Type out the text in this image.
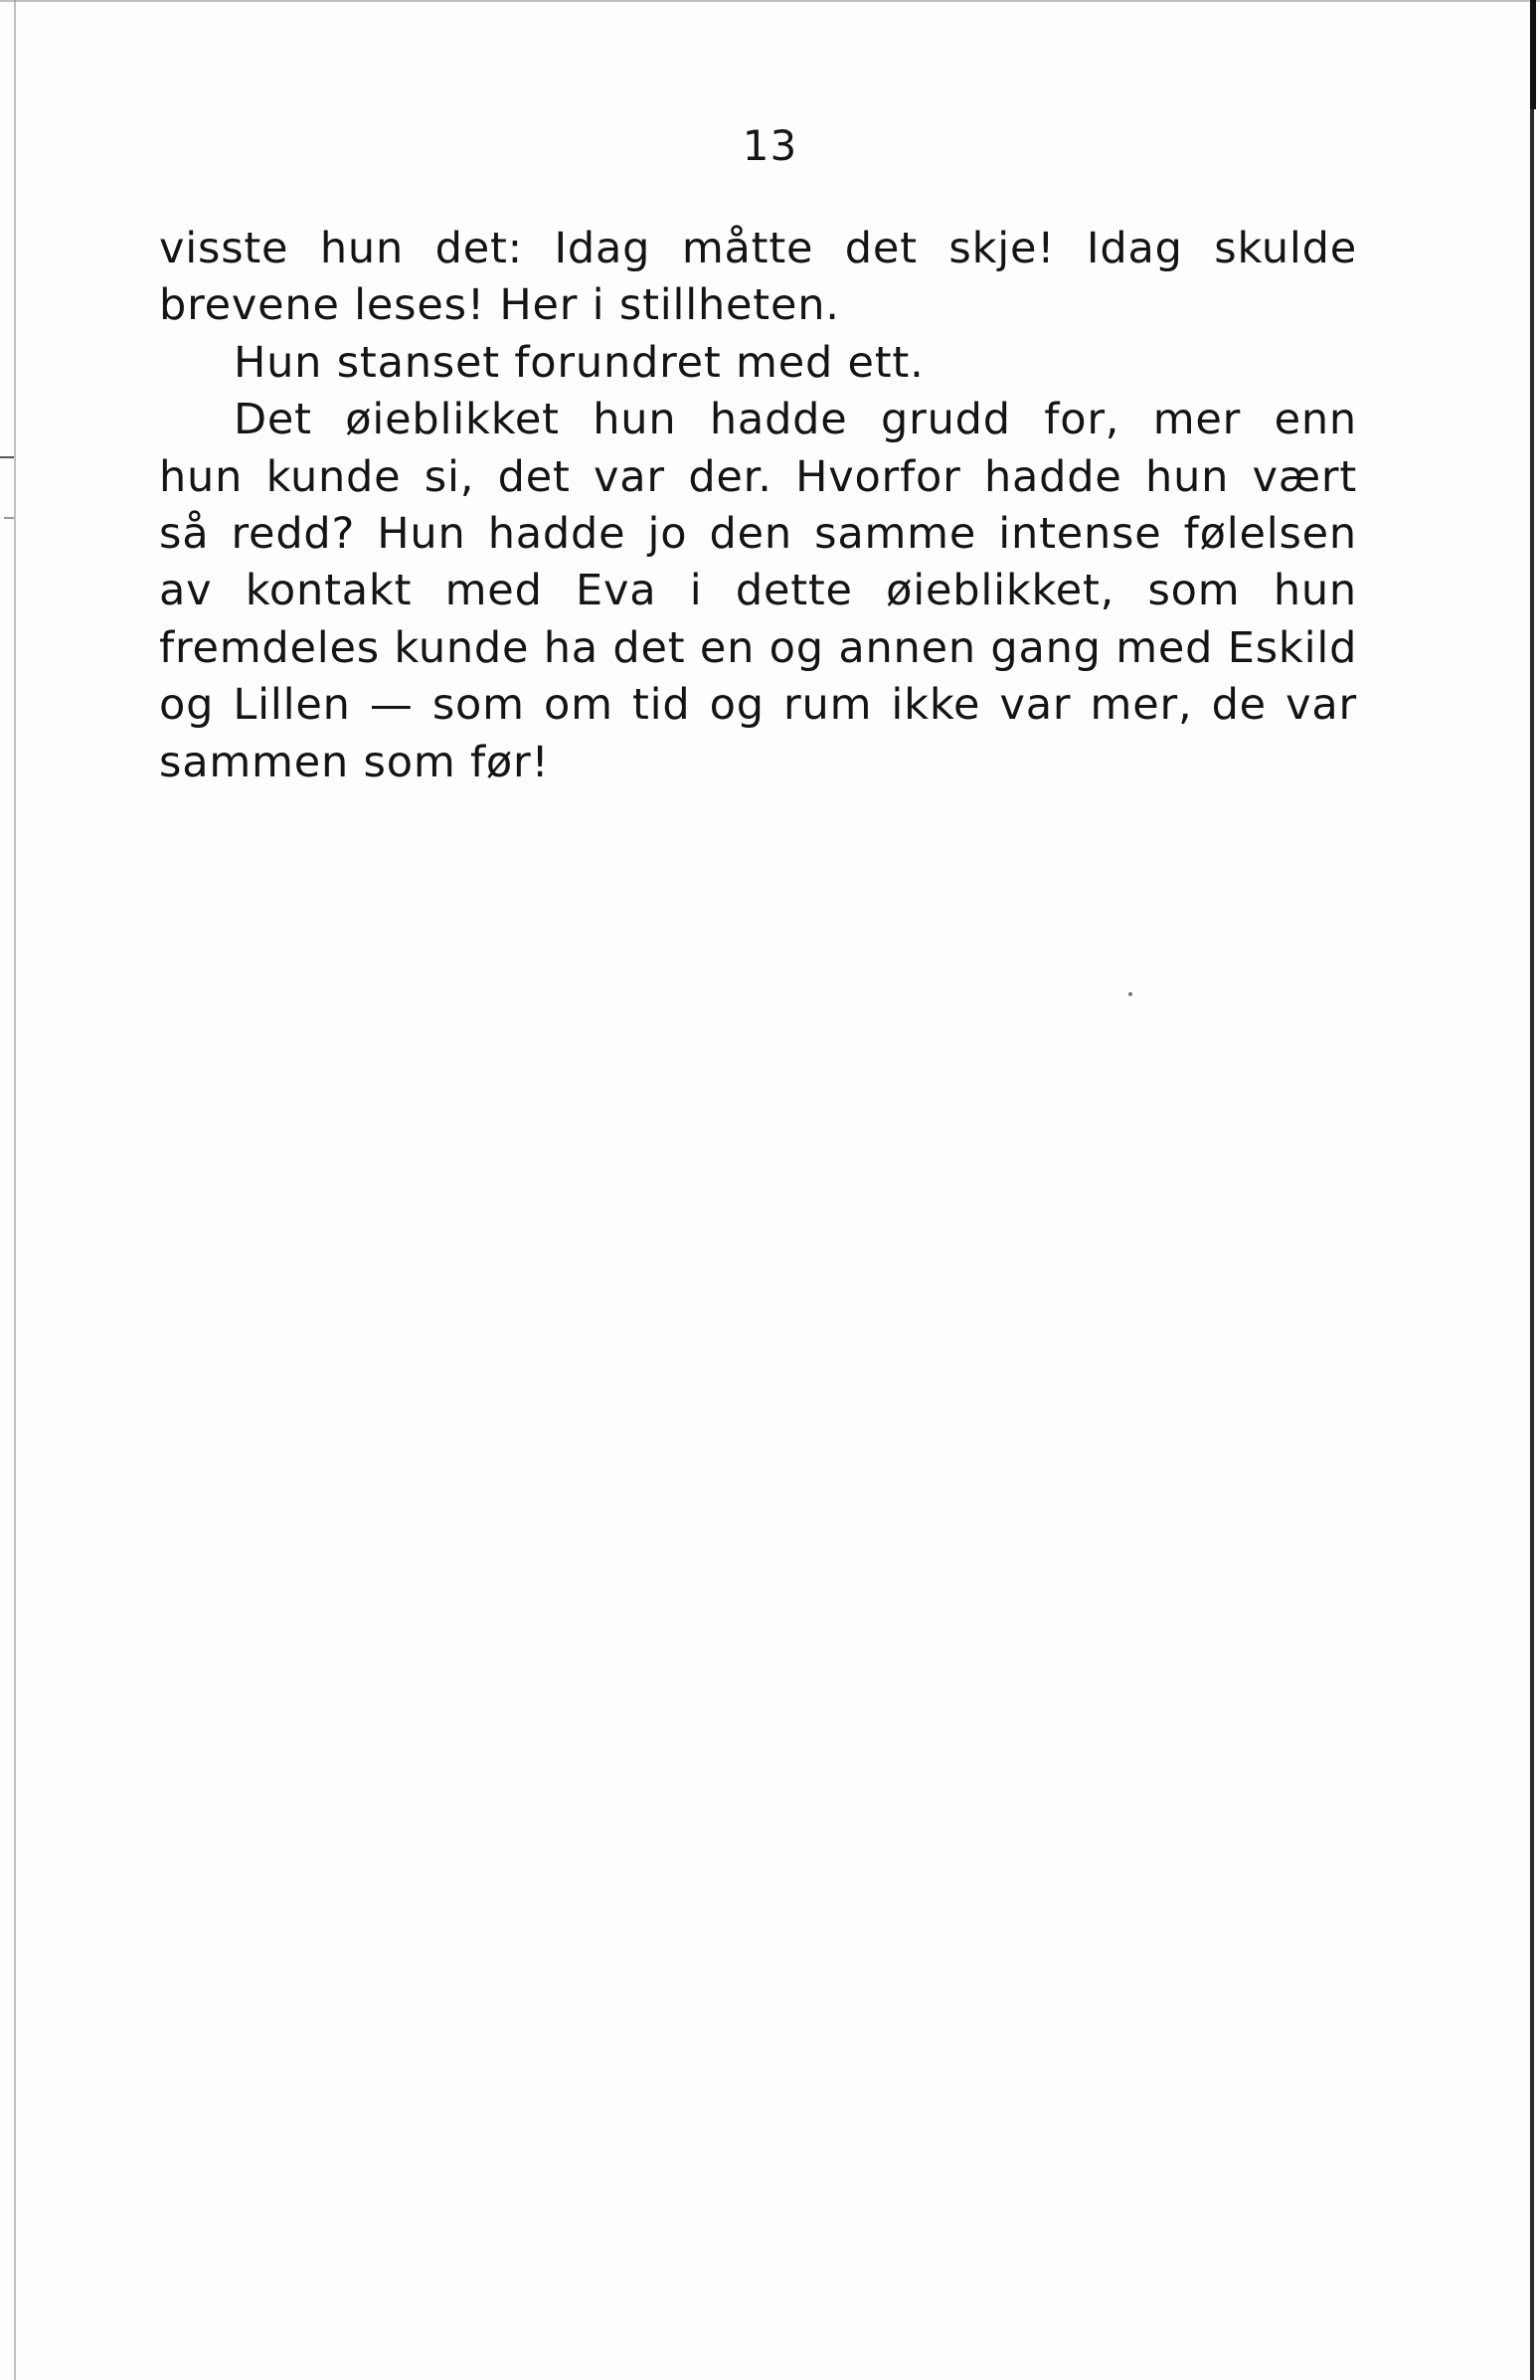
13
visste hun det: Idag måtte det skje! Idag skulde
brevene leses! Her i stillheten.
Hun stanset forundret med ett.
Det øieblikket hun hadde grudd for, mer enn
hun kunde si, det var der. Hvorfor hadde hun vært
så redd? Hun hadde jo den samme intense følelsen
av kontakt med Eva i dette øieblikket, som hun
fremdeles kunde ha det en og annen gang med Eskild
og Lillen — som om tid og rum ikke var mer, de var
sammen som før!
